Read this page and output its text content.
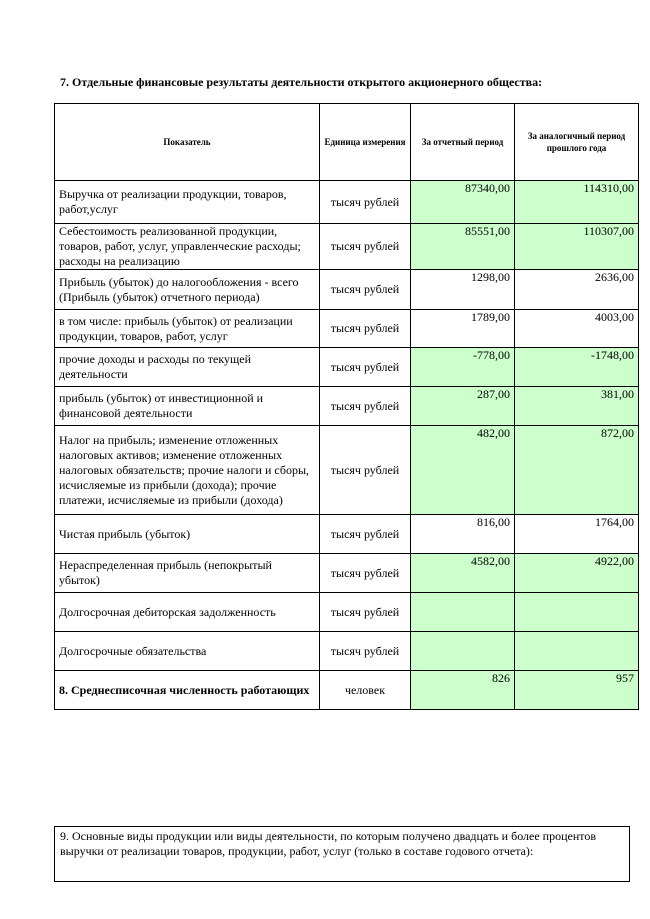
7. Отдельные финансовые результаты деятельности открытого акционерного общества:
Показатель	Единица измерения	За отчетный период	За аналогичный период прошлого года
Выручка от реализации продукции, товаров, работ,услуг	тысяч рублей	87340,00	114310,00
Себестоимость реализованной продукции, товаров, работ, услуг, управленческие расходы; расходы на реализацию	тысяч рублей	85551,00	110307,00
Прибыль (убыток) до налогообложения - всего (Прибыль (убыток) отчетного периода)	тысяч рублей	1298,00	2636,00
в том числе: прибыль (убыток) от реализации продукции, товаров, работ, услуг	тысяч рублей	1789,00	4003,00
прочие доходы и расходы по текущей деятельности	тысяч рублей	-778,00	-1748,00
прибыль (убыток) от инвестиционной и финансовой деятельности	тысяч рублей	287,00	381,00
Налог на прибыль; изменение отложенных налоговых активов; изменение отложенных налоговых обязательств; прочие налоги и сборы, исчисляемые из прибыли (дохода); прочие платежи, исчисляемые из прибыли (дохода)	тысяч рублей	482,00	872,00
Чистая прибыль (убыток)	тысяч рублей	816,00	1764,00
Нераспределенная прибыль (непокрытый убыток)	тысяч рублей	4582,00	4922,00
Долгосрочная дебиторская задолженность	тысяч рублей		
Долгосрочные обязательства	тысяч рублей		
8. Среднесписочная численность работающих	человек	826	957
9. Основные виды продукции или виды деятельности, по которым получено двадцать и более процентов выручки от реализации товаров, продукции, работ, услуг (только в составе годового отчета):
